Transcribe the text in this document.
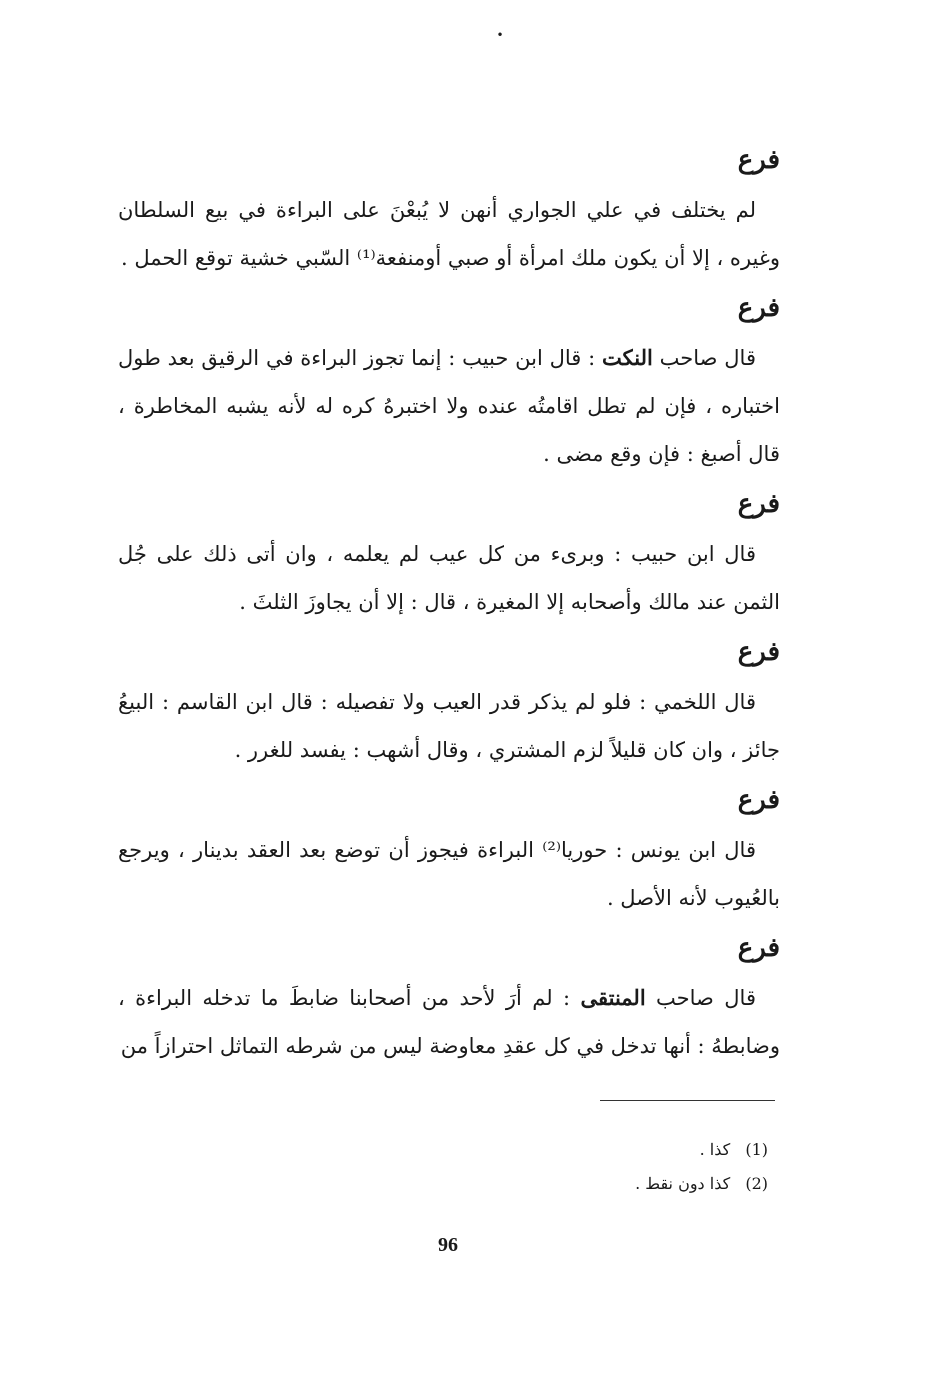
•
فرع

لم يختلف في علي الجواري أنهن لا يُبعْنَ على البراءة في بيع السلطان وغيره ، إلا أن يكون ملك امرأة أو صبي أومنفعة⁽¹⁾ السّبي خشية توقع الحمل .

فرع

قال صاحب النكت : قال ابن حبيب : إنما تجوز البراءة في الرقيق بعد طول اختباره ، فإن لم تطل اقامتُه عنده ولا اختبرهُ كره له لأنه يشبه المخاطرة ، قال أصبغ : فإن وقع مضى .

فرع

قال ابن حبيب : وبرىء من كل عيب لم يعلمه ، وان أتى ذلك على جُل الثمن عند مالك وأصحابه إلا المغيرة ، قال : إلا أن يجاوزَ الثلثَ .

فرع

قال اللخمي : فلو لم يذكر قدر العيب ولا تفصيله : قال ابن القاسم : البيعُ جائز ، وان كان قليلاً لزم المشتري ، وقال أشهب : يفسد للغرر .

فرع

قال ابن يونس : حوريا⁽²⁾ البراءة فيجوز أن توضع بعد العقد بدينار ، ويرجع بالعُيوب لأنه الأصل .

فرع

قال صاحب المنتقى : لم أرَ لأحد من أصحابنا ضابطَ ما تدخله البراءة ، وضابطهُ : أنها تدخل في كل عقدِ معاوضة ليس من شرطه التماثل احترازاً من

(1) كذا .
(2) كذا دون نقط .
96
